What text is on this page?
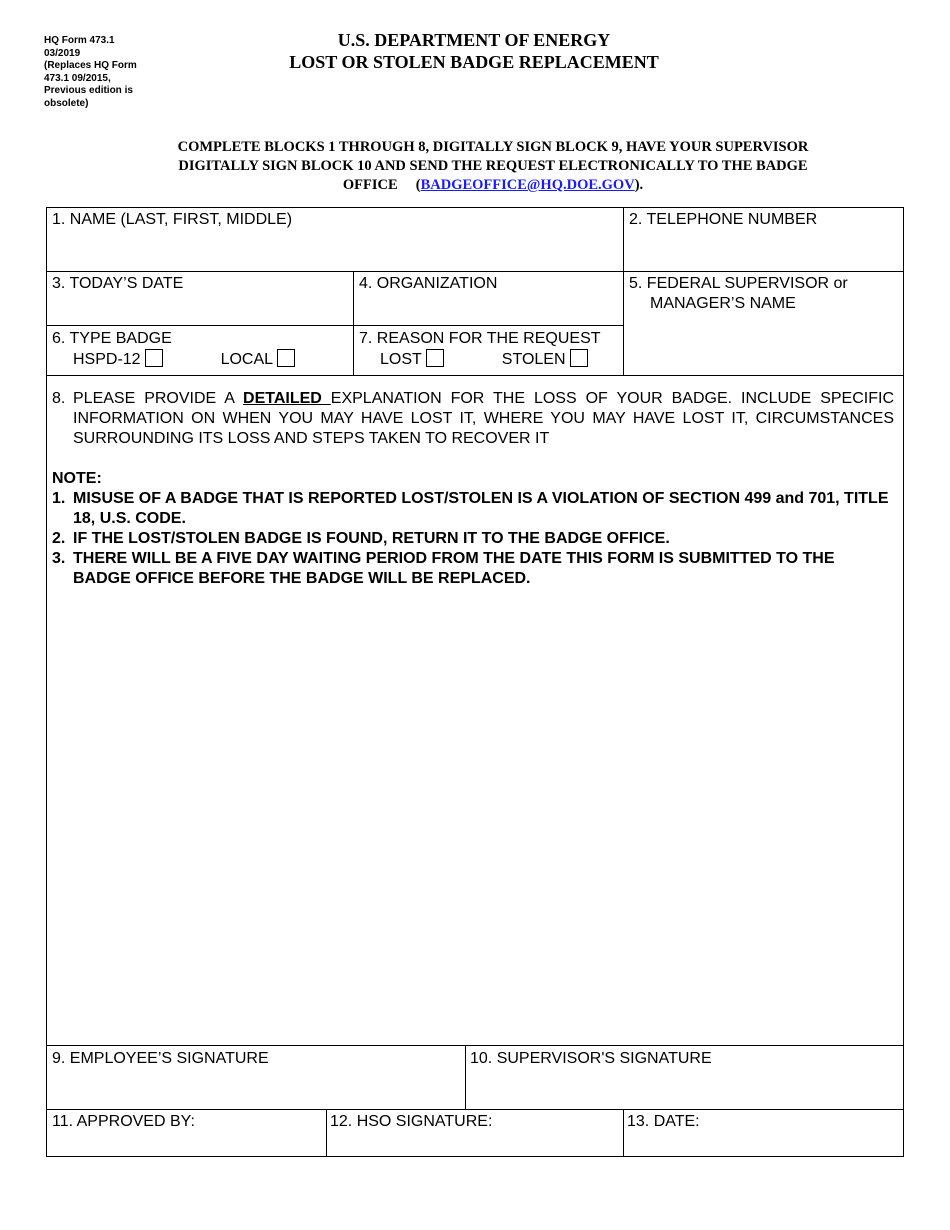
HQ Form 473.1
03/2019
(Replaces HQ Form
473.1 09/2015,
Previous edition is
obsolete)
U.S. DEPARTMENT OF ENERGY
LOST OR STOLEN BADGE REPLACEMENT
COMPLETE BLOCKS 1 THROUGH 8, DIGITALLY SIGN BLOCK 9, HAVE YOUR SUPERVISOR
DIGITALLY SIGN BLOCK 10 AND SEND THE REQUEST ELECTRONICALLY TO THE BADGE
OFFICE (BADGEOFFICE@HQ.DOE.GOV).
1. NAME (LAST, FIRST, MIDDLE)	2. TELEPHONE NUMBER
3. TODAY’S DATE	4. ORGANIZATION	5. FEDERAL SUPERVISOR or
MANAGER’S NAME
6. TYPE BADGE
HSPD-12	LOCAL
7. REASON FOR THE REQUEST
LOST	STOLEN
8. PLEASE PROVIDE A DETAILED EXPLANATION FOR THE LOSS OF YOUR BADGE. INCLUDE SPECIFIC INFORMATION ON WHEN YOU MAY HAVE LOST IT, WHERE YOU MAY HAVE LOST IT, CIRCUMSTANCES SURROUNDING ITS LOSS AND STEPS TAKEN TO RECOVER IT
NOTE:
1. MISUSE OF A BADGE THAT IS REPORTED LOST/STOLEN IS A VIOLATION OF SECTION 499 and 701, TITLE 18, U.S. CODE.
2. IF THE LOST/STOLEN BADGE IS FOUND, RETURN IT TO THE BADGE OFFICE.
3. THERE WILL BE A FIVE DAY WAITING PERIOD FROM THE DATE THIS FORM IS SUBMITTED TO THE BADGE OFFICE BEFORE THE BADGE WILL BE REPLACED.
9. EMPLOYEE’S SIGNATURE	10. SUPERVISOR'S SIGNATURE
11. APPROVED BY:	12. HSO SIGNATURE:	13. DATE:
